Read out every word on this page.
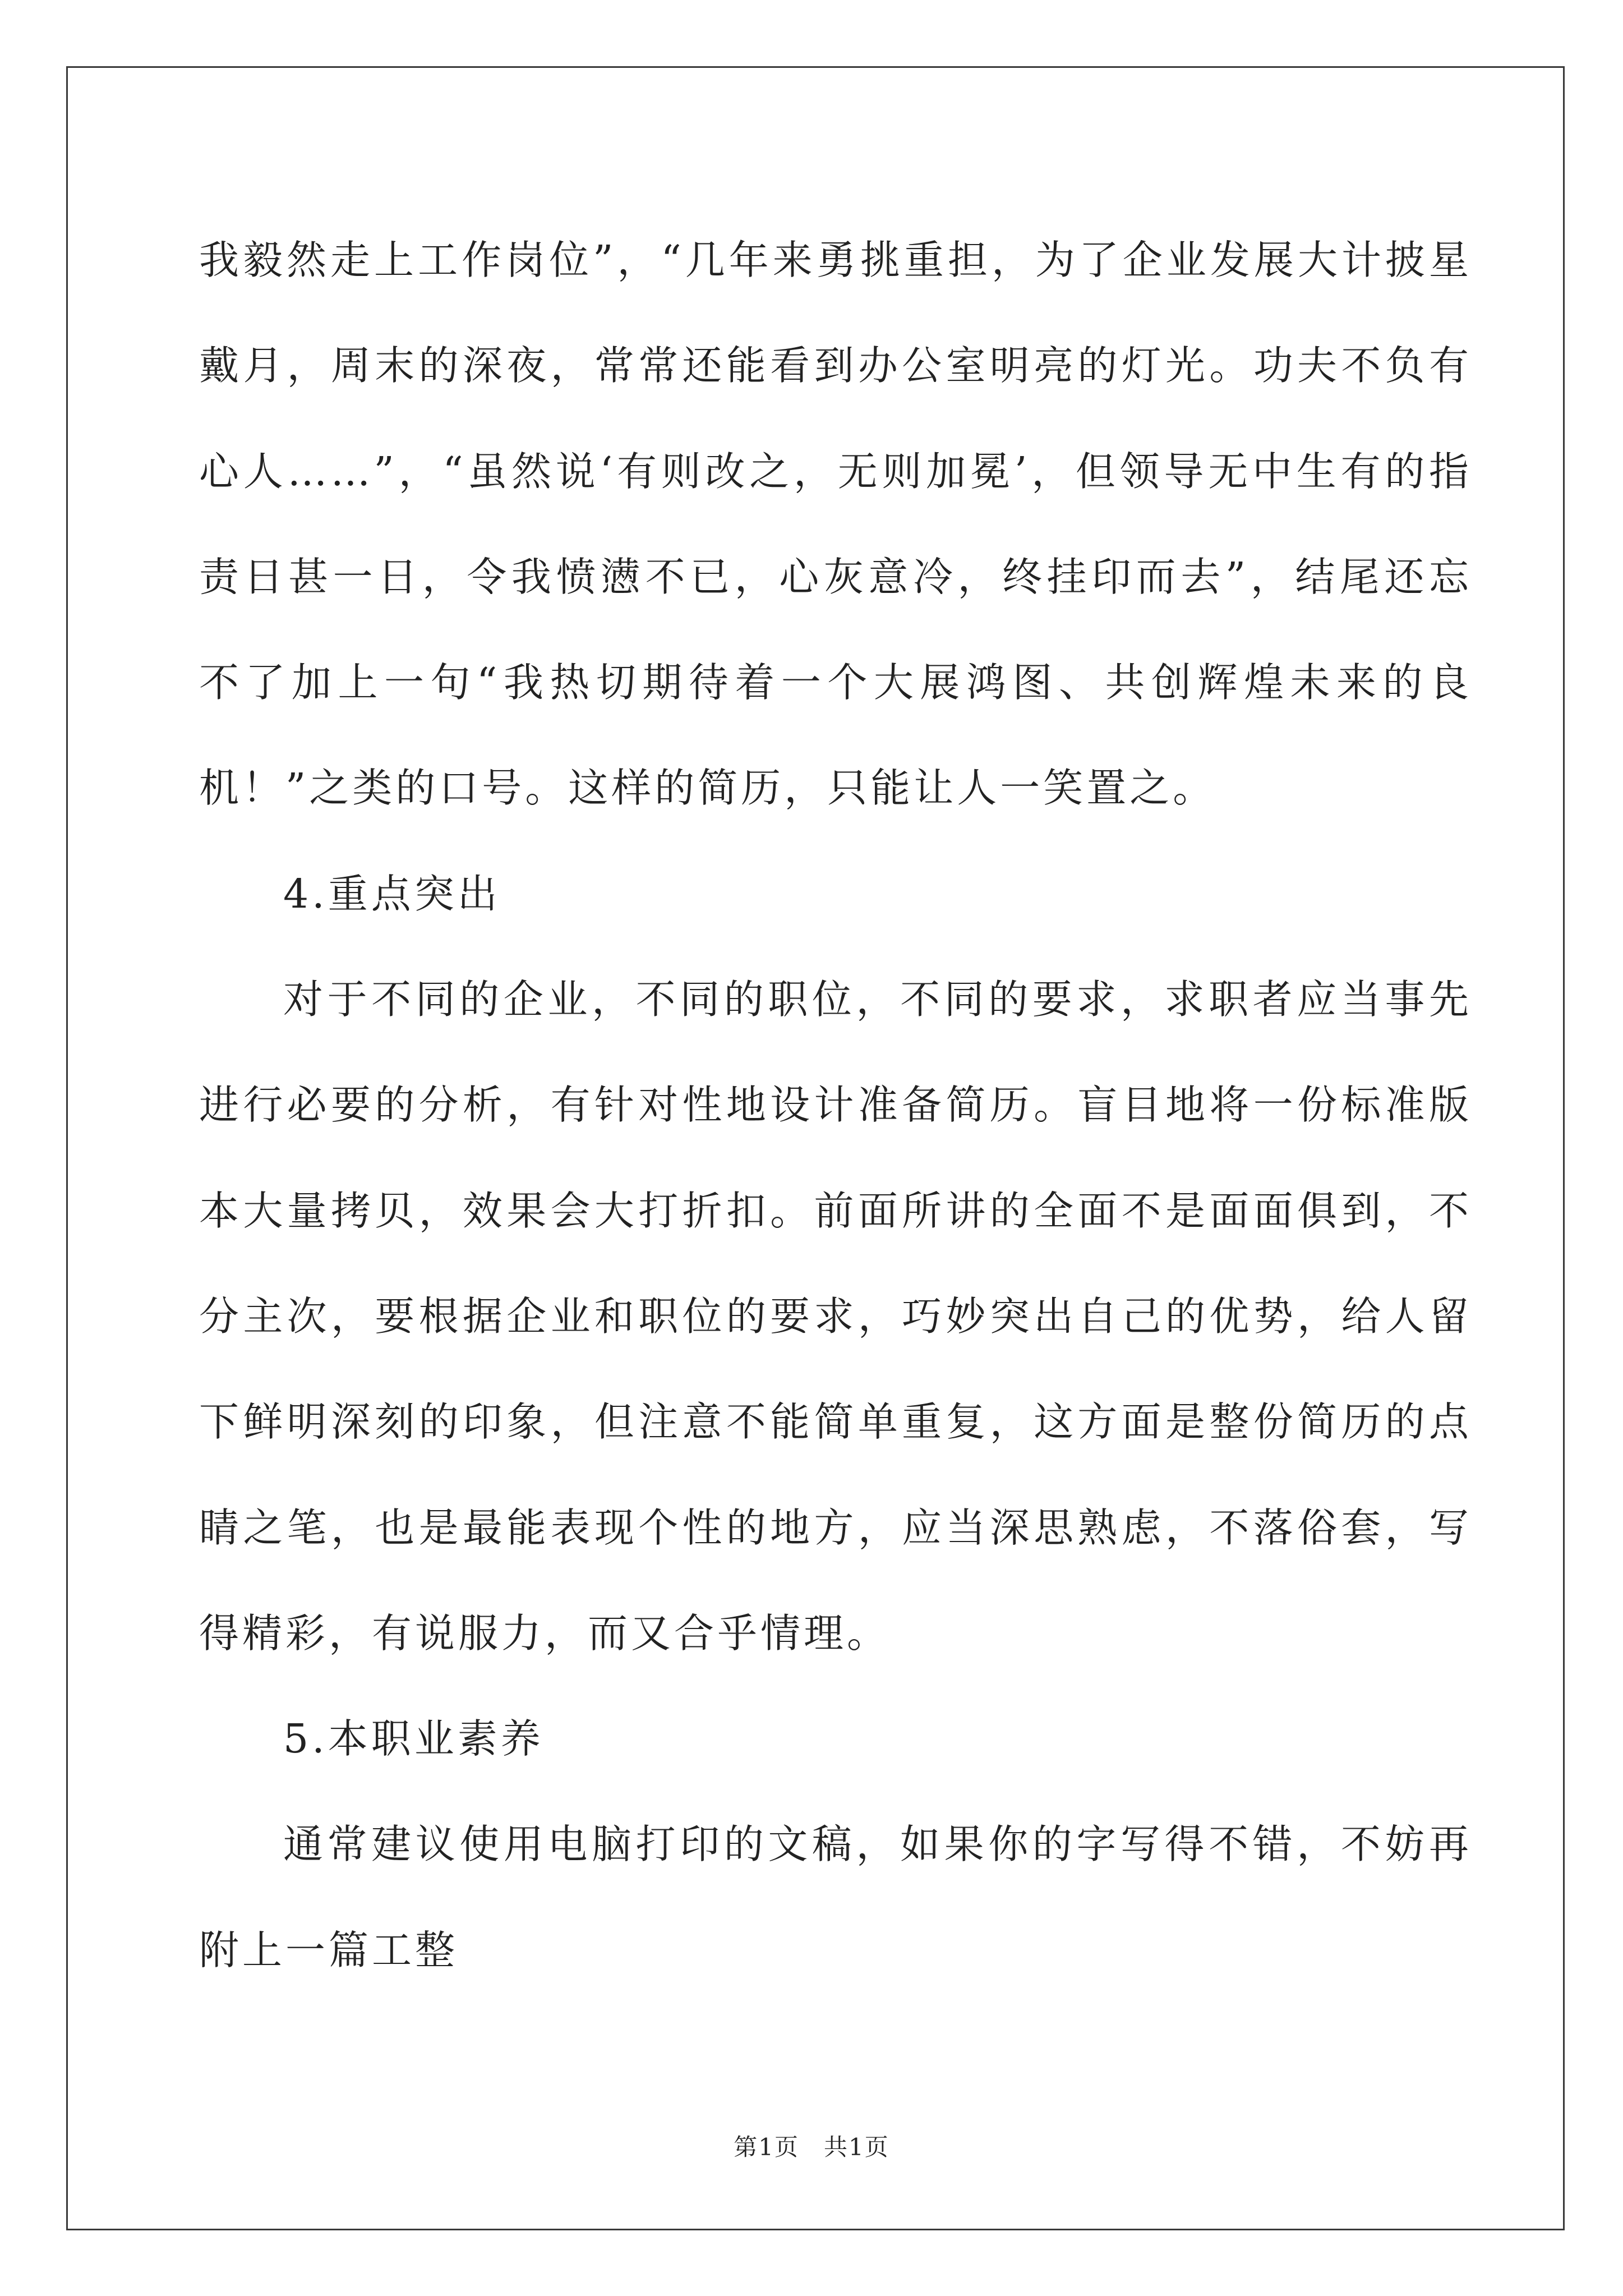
我毅然走上工作岗位”，“几年来勇挑重担，为了企业发展大计披星戴月，周末的深夜，常常还能看到办公室明亮的灯光。功夫不负有心人……”，“虽然说‘有则改之，无则加冕’，但领导无中生有的指责日甚一日，令我愤懑不已，心灰意冷，终挂印而去”，结尾还忘不了加上一句“我热切期待着一个大展鸿图、共创辉煌未来的良机！”之类的口号。这样的简历，只能让人一笑置之。

4.重点突出

对于不同的企业，不同的职位，不同的要求，求职者应当事先进行必要的分析，有针对性地设计准备简历。盲目地将一份标准版本大量拷贝，效果会大打折扣。前面所讲的全面不是面面俱到，不分主次，要根据企业和职位的要求，巧妙突出自己的优势，给人留下鲜明深刻的印象，但注意不能简单重复，这方面是整份简历的点睛之笔，也是最能表现个性的地方，应当深思熟虑，不落俗套，写得精彩，有说服力，而又合乎情理。

5.本职业素养

通常建议使用电脑打印的文稿，如果你的字写得不错，不妨再附上一篇工整

第1页　共1页
